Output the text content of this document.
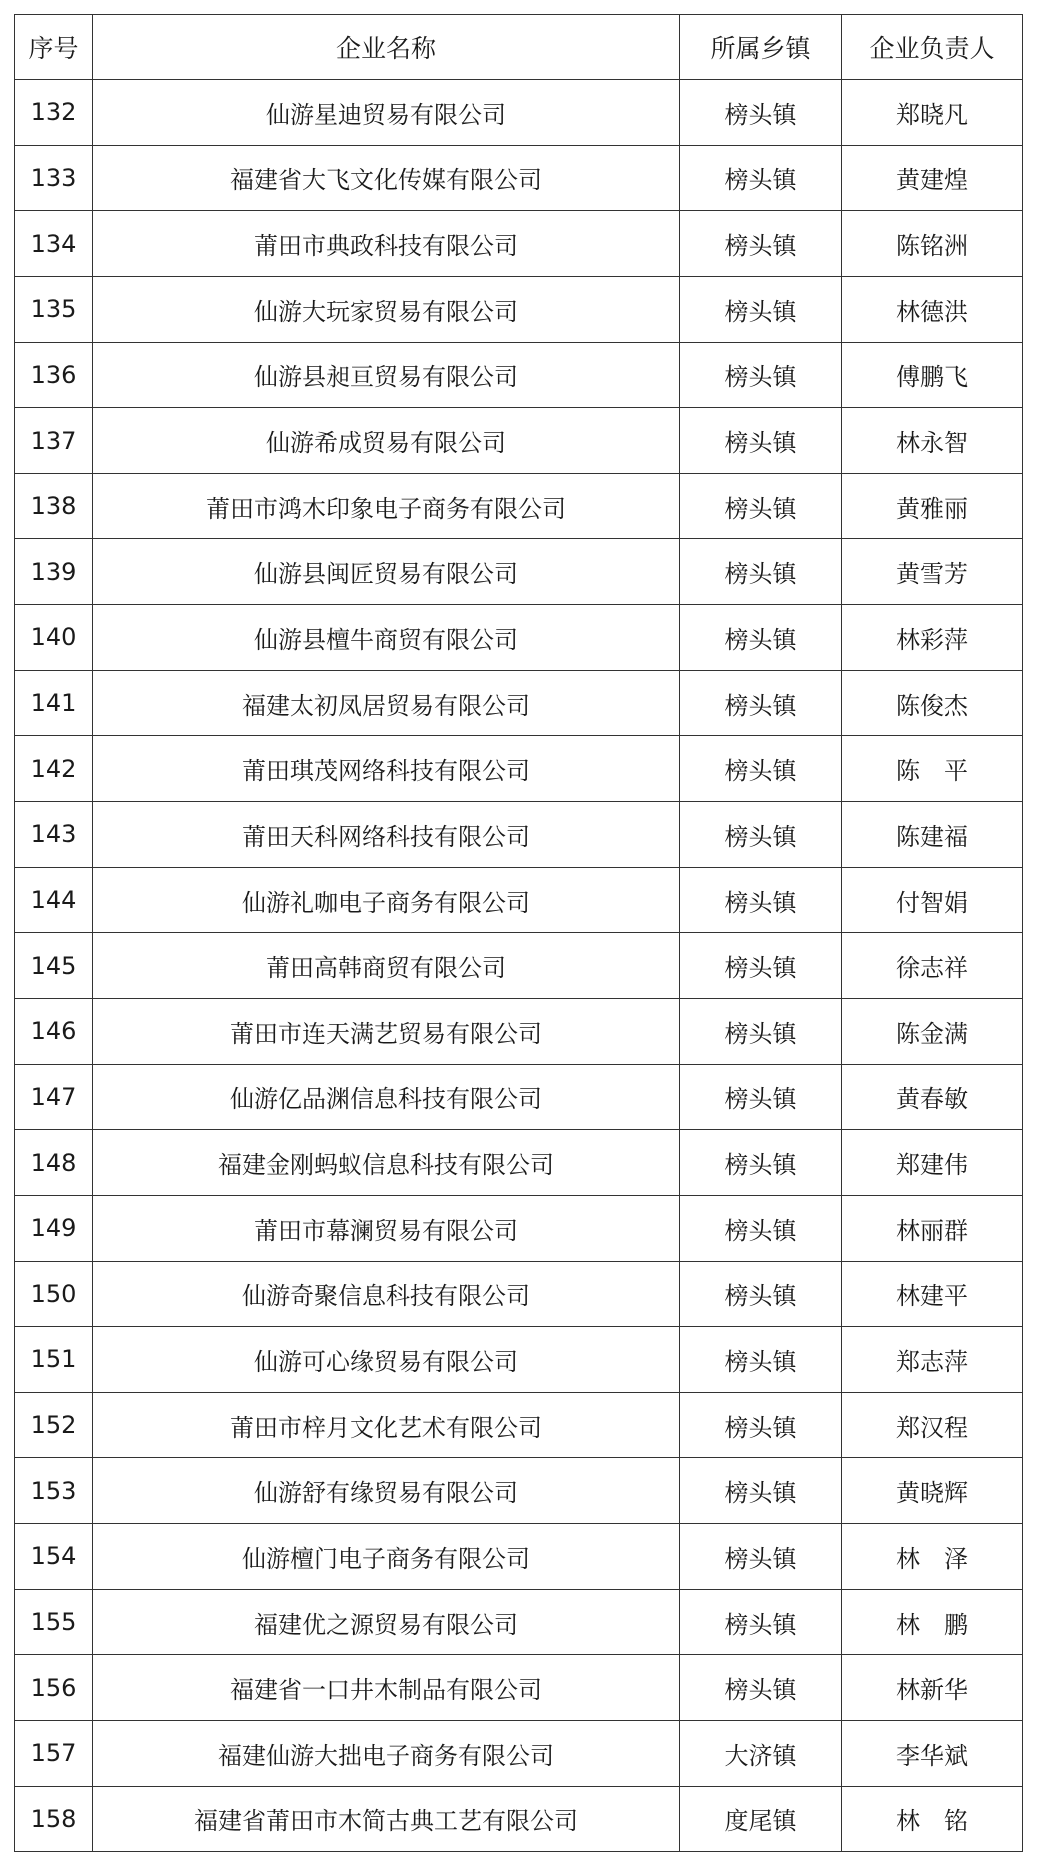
序号	企业名称	所属乡镇	企业负责人
132	仙游星迪贸易有限公司	榜头镇	郑晓凡
133	福建省大飞文化传媒有限公司	榜头镇	黄建煌
134	莆田市典政科技有限公司	榜头镇	陈铭洲
135	仙游大玩家贸易有限公司	榜头镇	林德洪
136	仙游县昶亘贸易有限公司	榜头镇	傅鹏飞
137	仙游希成贸易有限公司	榜头镇	林永智
138	莆田市鸿木印象电子商务有限公司	榜头镇	黄雅丽
139	仙游县闽匠贸易有限公司	榜头镇	黄雪芳
140	仙游县檀牛商贸有限公司	榜头镇	林彩萍
141	福建太初凤居贸易有限公司	榜头镇	陈俊杰
142	莆田琪茂网络科技有限公司	榜头镇	陈　平
143	莆田天科网络科技有限公司	榜头镇	陈建福
144	仙游礼咖电子商务有限公司	榜头镇	付智娟
145	莆田高韩商贸有限公司	榜头镇	徐志祥
146	莆田市连天满艺贸易有限公司	榜头镇	陈金满
147	仙游亿品渊信息科技有限公司	榜头镇	黄春敏
148	福建金刚蚂蚁信息科技有限公司	榜头镇	郑建伟
149	莆田市幕澜贸易有限公司	榜头镇	林丽群
150	仙游奇聚信息科技有限公司	榜头镇	林建平
151	仙游可心缘贸易有限公司	榜头镇	郑志萍
152	莆田市梓月文化艺术有限公司	榜头镇	郑汉程
153	仙游舒有缘贸易有限公司	榜头镇	黄晓辉
154	仙游檀门电子商务有限公司	榜头镇	林　泽
155	福建优之源贸易有限公司	榜头镇	林　鹏
156	福建省一口井木制品有限公司	榜头镇	林新华
157	福建仙游大拙电子商务有限公司	大济镇	李华斌
158	福建省莆田市木简古典工艺有限公司	度尾镇	林　铭
